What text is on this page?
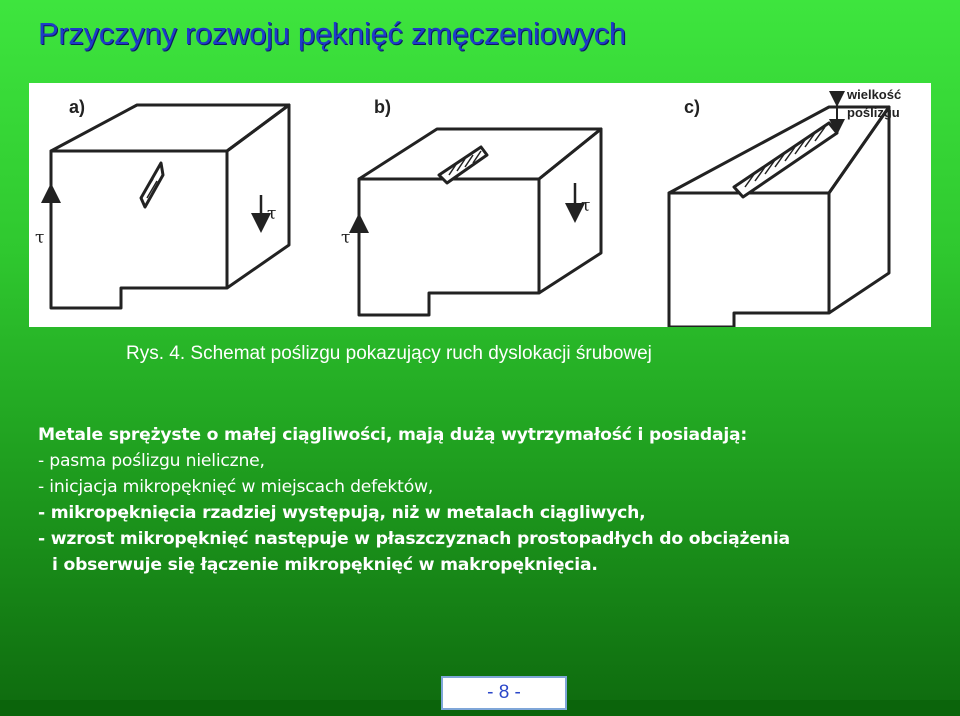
Przyczyny rozwoju pęknięć zmęczeniowych
a)
τ
τ
b)
τ
τ
c)
wielkość
poślizgu
Rys. 4. Schemat poślizgu pokazujący ruch dyslokacji śrubowej
Metale sprężyste o małej ciągliwości, mają dużą wytrzymałość i posiadają:
- pasma poślizgu nieliczne,
- inicjacja mikropęknięć w miejscach defektów,
- mikropęknięcia rzadziej występują, niż w metalach ciągliwych,
- wzrost mikropęknięć następuje w płaszczyznach prostopadłych do obciążenia
i obserwuje się łączenie mikropęknięć w makropęknięcia.
- 8 -
